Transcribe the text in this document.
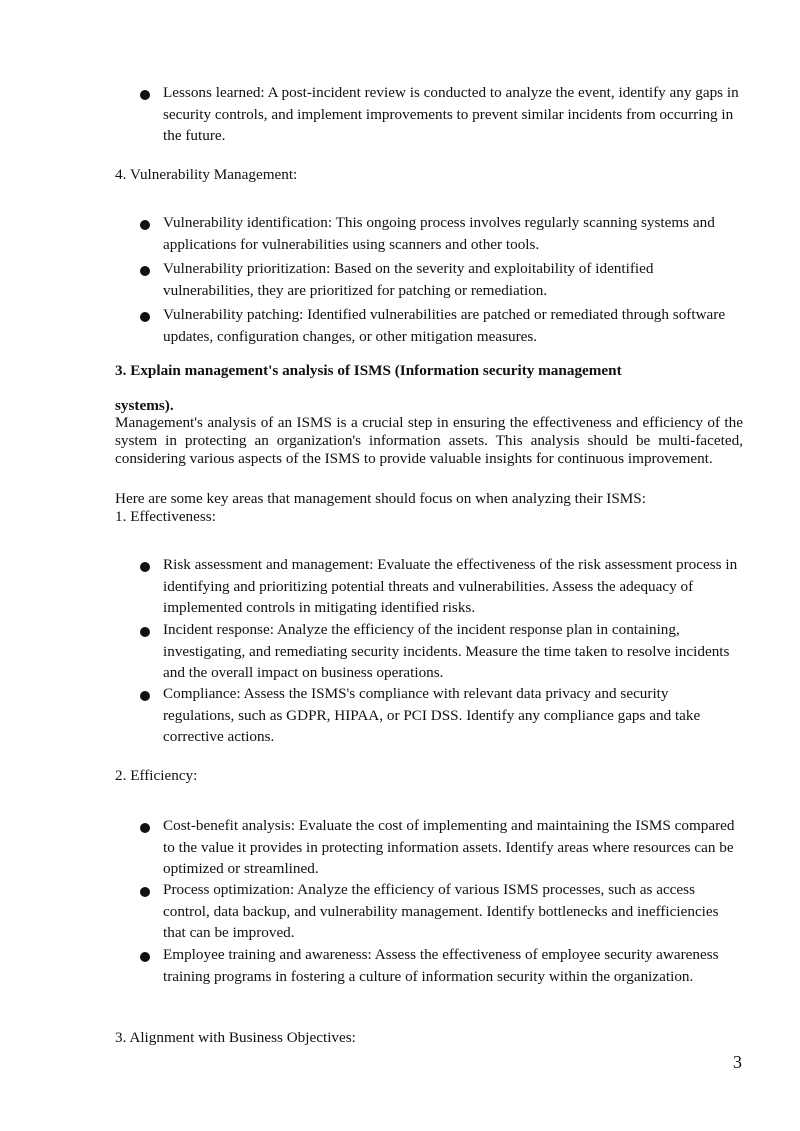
Lessons learned: A post-incident review is conducted to analyze the event, identify any gaps in security controls, and implement improvements to prevent similar incidents from occurring in the future.
4. Vulnerability Management:
Vulnerability identification: This ongoing process involves regularly scanning systems and applications for vulnerabilities using scanners and other tools.
Vulnerability prioritization: Based on the severity and exploitability of identified vulnerabilities, they are prioritized for patching or remediation.
Vulnerability patching: Identified vulnerabilities are patched or remediated through software updates, configuration changes, or other mitigation measures.
3. Explain management's analysis of ISMS (Information security management
systems).
Management's analysis of an ISMS is a crucial step in ensuring the effectiveness and efficiency of the system in protecting an organization's information assets. This analysis should be multi-faceted, considering various aspects of the ISMS to provide valuable insights for continuous improvement.
Here are some key areas that management should focus on when analyzing their ISMS:
1. Effectiveness:
Risk assessment and management: Evaluate the effectiveness of the risk assessment process in identifying and prioritizing potential threats and vulnerabilities. Assess the adequacy of implemented controls in mitigating identified risks.
Incident response: Analyze the efficiency of the incident response plan in containing, investigating, and remediating security incidents. Measure the time taken to resolve incidents and the overall impact on business operations.
Compliance: Assess the ISMS's compliance with relevant data privacy and security regulations, such as GDPR, HIPAA, or PCI DSS. Identify any compliance gaps and take corrective actions.
2. Efficiency:
Cost-benefit analysis: Evaluate the cost of implementing and maintaining the ISMS compared to the value it provides in protecting information assets. Identify areas where resources can be optimized or streamlined.
Process optimization: Analyze the efficiency of various ISMS processes, such as access control, data backup, and vulnerability management. Identify bottlenecks and inefficiencies that can be improved.
Employee training and awareness: Assess the effectiveness of employee security awareness training programs in fostering a culture of information security within the organization.
3. Alignment with Business Objectives:
3
